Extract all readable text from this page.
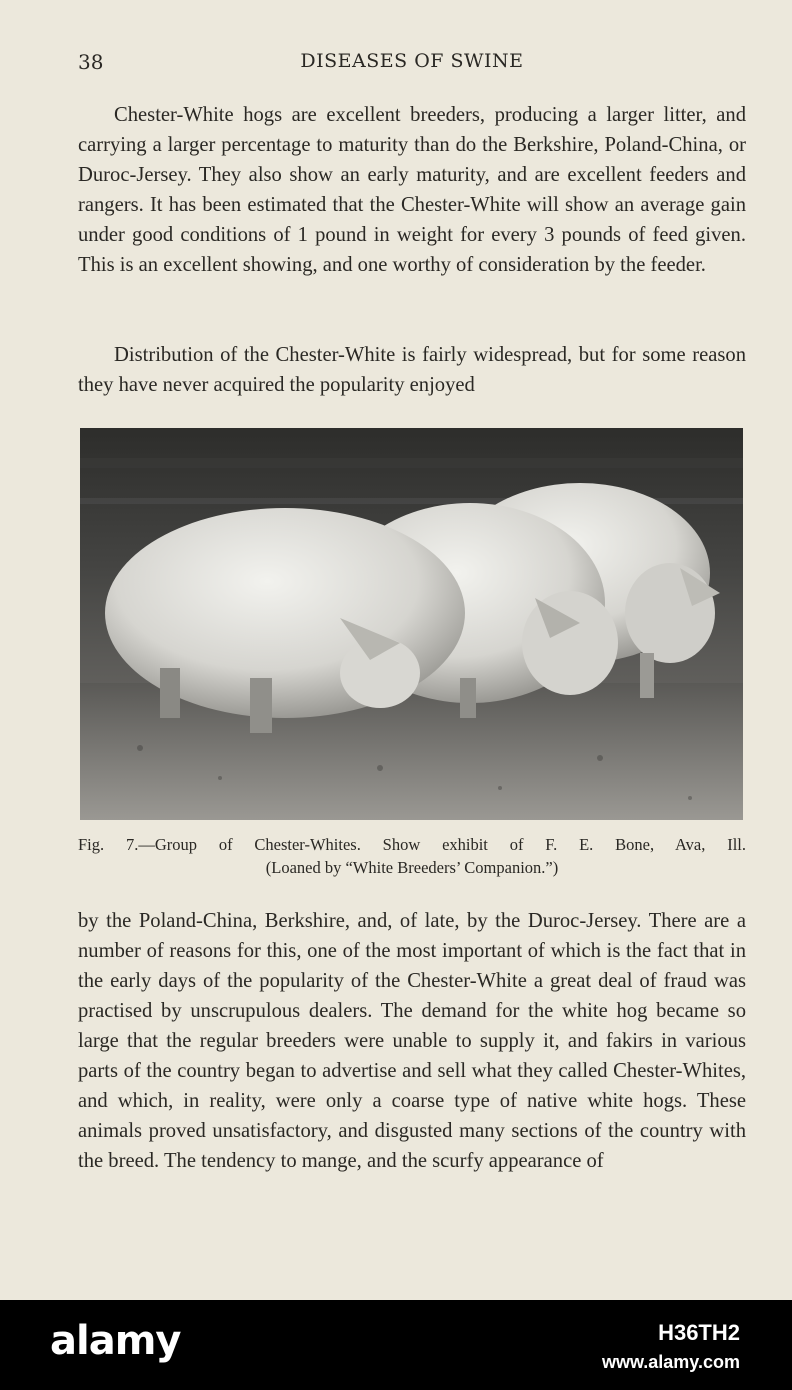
38	DISEASES OF SWINE

Chester-White hogs are excellent breeders, producing a larger litter, and carrying a larger percentage to maturity than do the Berkshire, Poland-China, or Duroc-Jersey. They also show an early maturity, and are excellent feeders and rangers. It has been estimated that the Chester-White will show an average gain under good conditions of 1 pound in weight for every 3 pounds of feed given. This is an excellent showing, and one worthy of consideration by the feeder.

Distribution of the Chester-White is fairly widespread, but for some reason they have never acquired the popularity enjoyed

Fig. 7.—Group of Chester-Whites. Show exhibit of F. E. Bone, Ava, Ill.
(Loaned by “White Breeders’ Companion.”)

by the Poland-China, Berkshire, and, of late, by the Duroc-Jersey. There are a number of reasons for this, one of the most important of which is the fact that in the early days of the popularity of the Chester-White a great deal of fraud was practised by unscrupulous dealers. The demand for the white hog became so large that the regular breeders were unable to supply it, and fakirs in various parts of the country began to advertise and sell what they called Chester-Whites, and which, in reality, were only a coarse type of native white hogs. These animals proved unsatisfactory, and disgusted many sections of the country with the breed. The tendency to mange, and the scurfy appearance of

alamy	H36TH2
www.alamy.com
